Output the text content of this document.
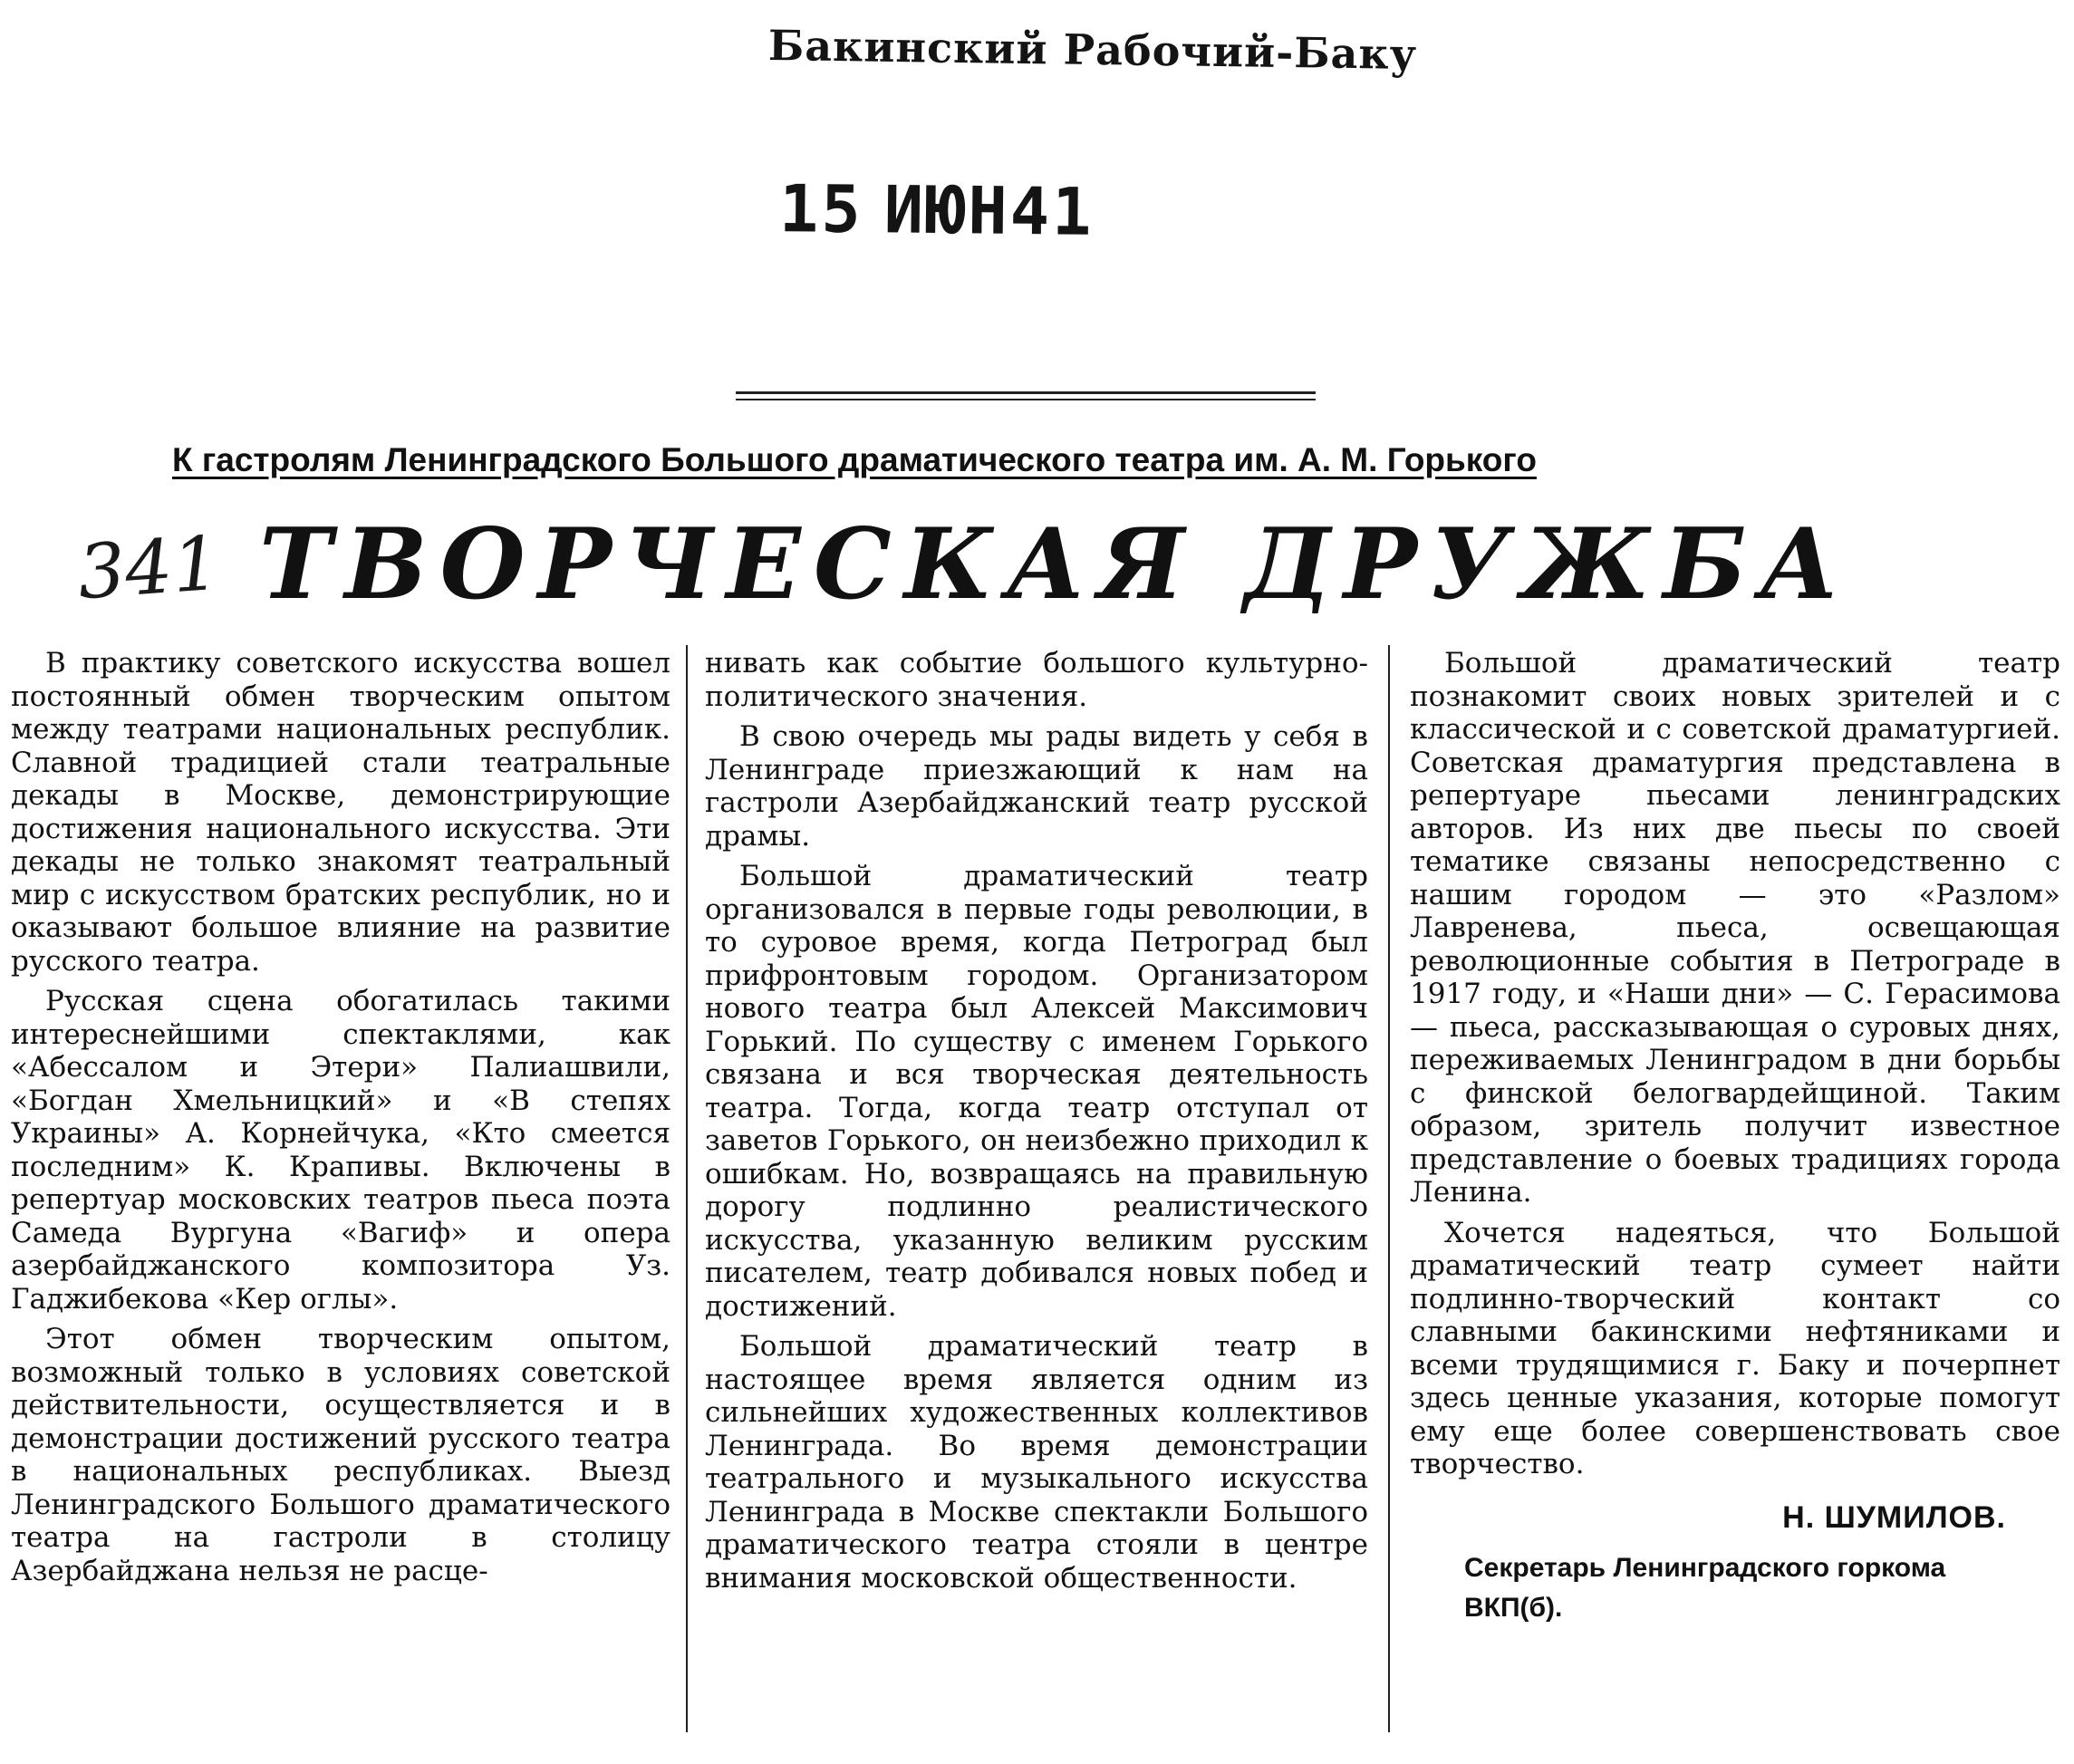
Бакинский Рабочий-Баку
15 ИЮН41
К гастролям Ленинградского Большого драматического театра им. А. М. Горького
341 ТВОРЧЕСКАЯ ДРУЖБА

В практику советского искусства вошел постоянный обмен творческим опытом между театрами национальных республик. Славной традицией стали театральные декады в Москве, демонстрирующие достижения национального искусства. Эти декады не только знакомят театральный мир с искусством братских республик, но и оказывают большое влияние на развитие русского театра.

Русская сцена обогатилась такими интереснейшими спектаклями, как «Абессалом и Этери» Палиашвили, «Богдан Хмельницкий» и «В степях Украины» А. Корнейчука, «Кто смеется последним» К. Крапивы. Включены в репертуар московских театров пьеса поэта Самеда Вургуна «Вагиф» и опера азербайджанского композитора Уз. Гаджибекова «Кер оглы».

Этот обмен творческим опытом, возможный только в условиях советской действительности, осуществляется и в демонстрации достижений русского театра в национальных республиках. Выезд Ленинградского Большого драматического театра на гастроли в столицу Азербайджана нельзя не расце-

нивать как событие большого культурно-политического значения.

В свою очередь мы рады видеть у себя в Ленинграде приезжающий к нам на гастроли Азербайджанский театр русской драмы.

Большой драматический театр организовался в первые годы революции, в то суровое время, когда Петроград был прифронтовым городом. Организатором нового театра был Алексей Максимович Горький. По существу с именем Горького связана и вся творческая деятельность театра. Тогда, когда театр отступал от заветов Горького, он неизбежно приходил к ошибкам. Но, возвращаясь на правильную дорогу подлинно реалистического искусства, указанную великим русским писателем, театр добивался новых побед и достижений.

Большой драматический театр в настоящее время является одним из сильнейших художественных коллективов Ленинграда. Во время демонстрации театрального и музыкального искусства Ленинграда в Москве спектакли Большого драматического театра стояли в центре внимания московской общественности.

Большой драматический театр познакомит своих новых зрителей и с классической и с советской драматургией. Советская драматургия представлена в репертуаре пьесами ленинградских авторов. Из них две пьесы по своей тематике связаны непосредственно с нашим городом — это «Разлом» Лавренева, пьеса, освещающая революционные события в Петрограде в 1917 году, и «Наши дни» — С. Герасимова — пьеса, рассказывающая о суровых днях, переживаемых Ленинградом в дни борьбы с финской белогвардейщиной. Таким образом, зритель получит известное представление о боевых традициях города Ленина.

Хочется надеяться, что Большой драматический театр сумеет найти подлинно-творческий контакт со славными бакинскими нефтяниками и всеми трудящимися г. Баку и почерпнет здесь ценные указания, которые помогут ему еще более совершенствовать свое творчество.

Н. ШУМИЛОВ.
Секретарь Ленинградского горкома
ВКП(б).
